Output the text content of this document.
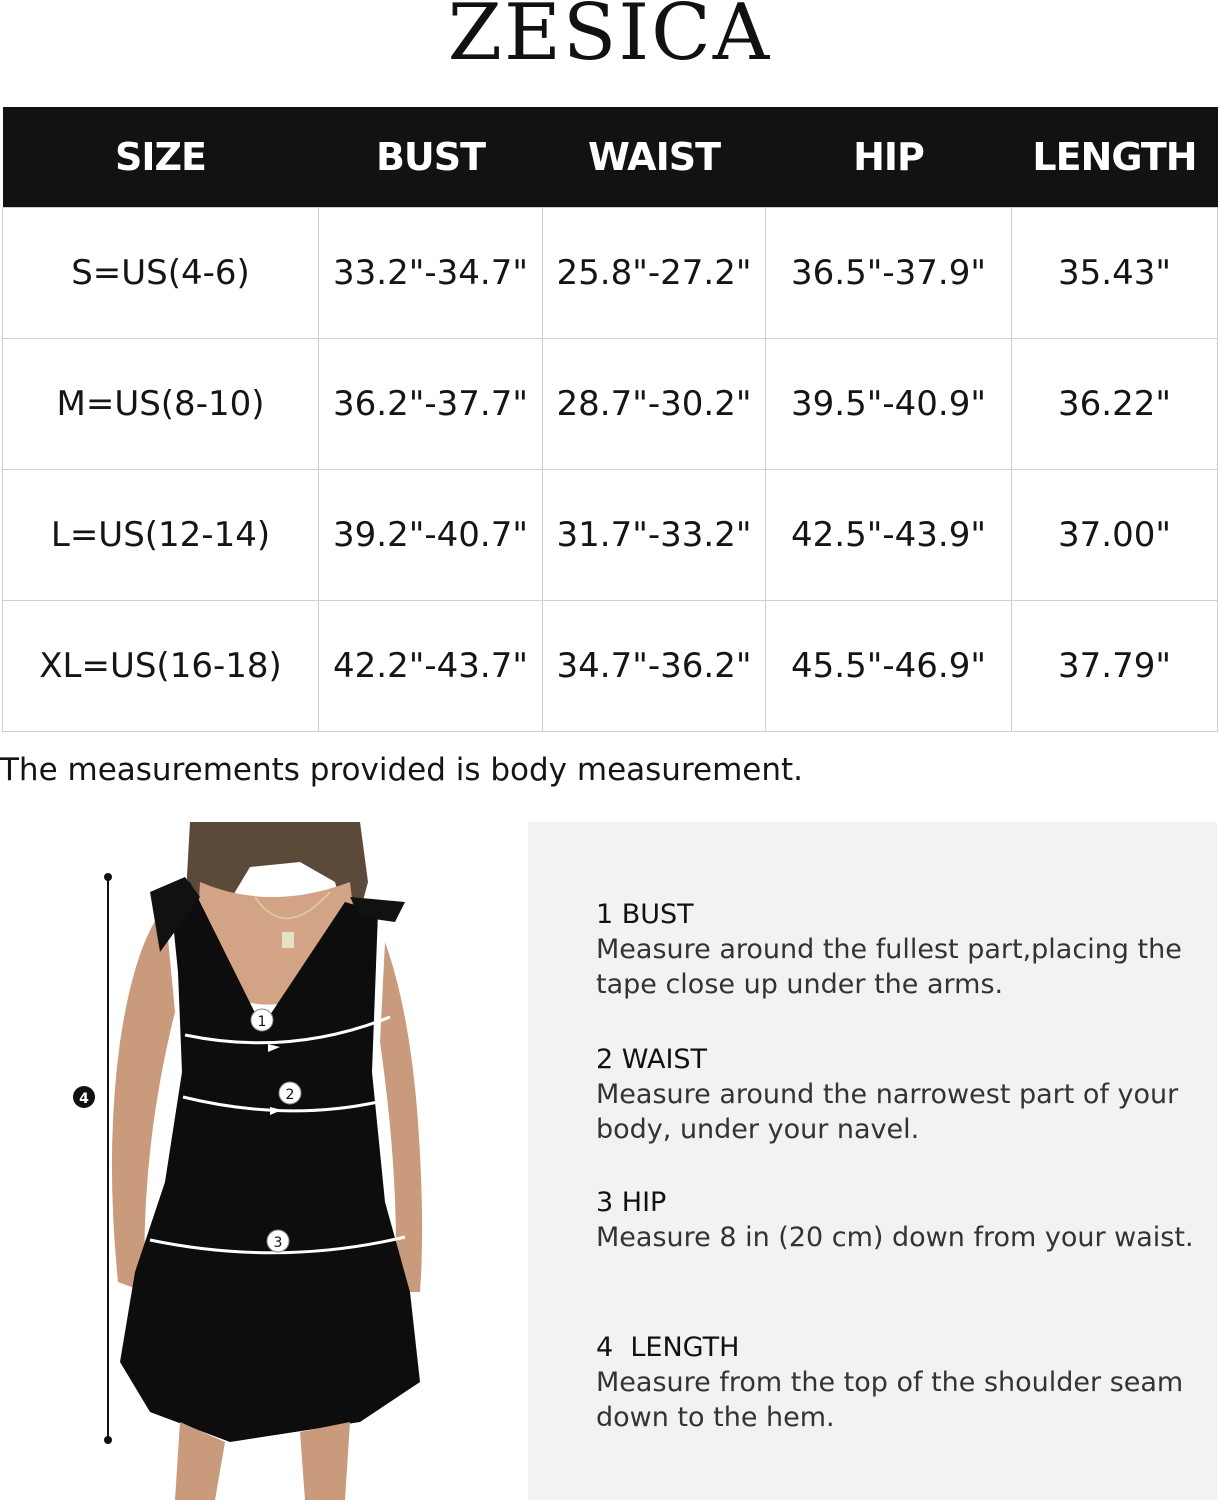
ZESICA
SIZE	BUST	WAIST	HIP	LENGTH
S=US(4-6)	33.2"-34.7"	25.8"-27.2"	36.5"-37.9"	35.43"
M=US(8-10)	36.2"-37.7"	28.7"-30.2"	39.5"-40.9"	36.22"
L=US(12-14)	39.2"-40.7"	31.7"-33.2"	42.5"-43.9"	37.00"
XL=US(16-18)	42.2"-43.7"	34.7"-36.2"	45.5"-46.9"	37.79"
The measurements provided is body measurement.
4
1
2
3
1 BUST
Measure around the fullest part,placing the tape close up under the arms.
2 WAIST
Measure around the narrowest part of your body, under your navel.
3 HIP
Measure 8 in (20 cm) down from your waist.
4  LENGTH
Measure from the top of the shoulder seam down to the hem.
